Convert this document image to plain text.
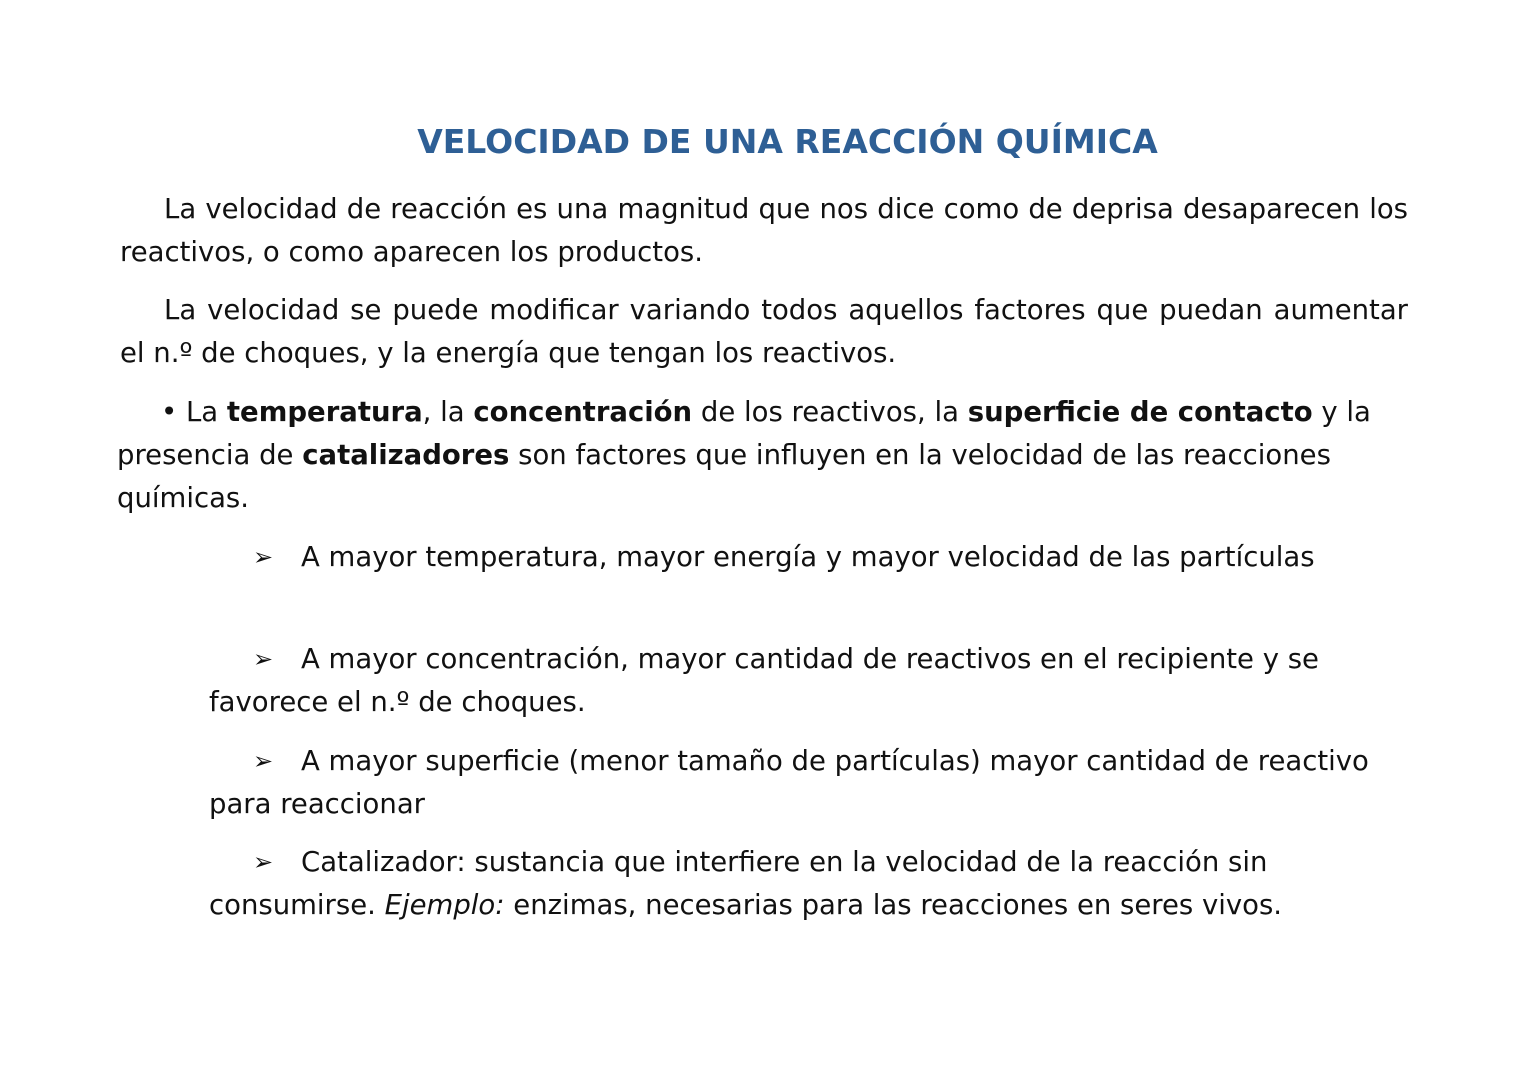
VELOCIDAD DE UNA REACCIÓN QUÍMICA

La velocidad de reacción es una magnitud que nos dice como de deprisa desaparecen los reactivos, o como aparecen los productos.

La velocidad se puede modificar variando todos aquellos factores que puedan aumentar el n.º de choques, y la energía que tengan los reactivos.

• La temperatura, la concentración de los reactivos, la superficie de contacto y la presencia de catalizadores son factores que influyen en la velocidad de las reacciones químicas.

➢ A mayor temperatura, mayor energía y mayor velocidad de las partículas

➢ A mayor concentración, mayor cantidad de reactivos en el recipiente y se favorece el n.º de choques.

➢ A mayor superficie (menor tamaño de partículas) mayor cantidad de reactivo para reaccionar

➢ Catalizador: sustancia que interfiere en la velocidad de la reacción sin consumirse. Ejemplo: enzimas, necesarias para las reacciones en seres vivos.
